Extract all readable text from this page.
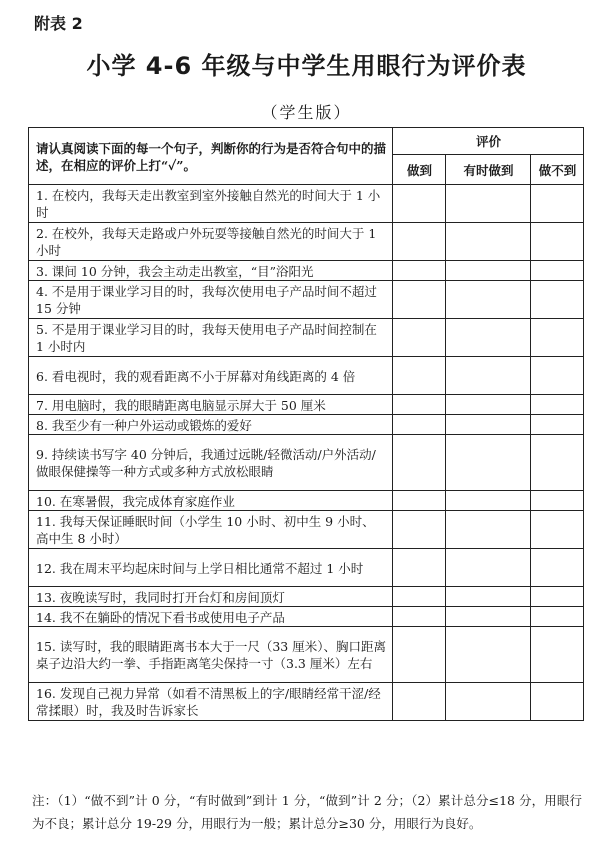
附表 2
小学 4-6 年级与中学生用眼行为评价表
（学生版）
请认真阅读下面的每一个句子，判断你的行为是否符合句中的描述，在相应的评价上打“✓”。	评价		
	做到	有时做到	做不到
1. 在校内，我每天走出教室到室外接触自然光的时间大于 1 小时			
2. 在校外，我每天走路或户外玩耍等接触自然光的时间大于 1 小时			
3. 课间 10 分钟，我会主动走出教室，“目”浴阳光			
4. 不是用于课业学习目的时，我每次使用电子产品时间不超过 15 分钟			
5. 不是用于课业学习目的时，我每天使用电子产品时间控制在 1 小时内			
6. 看电视时，我的观看距离不小于屏幕对角线距离的 4 倍			
7. 用电脑时，我的眼睛距离电脑显示屏大于 50 厘米			
8. 我至少有一种户外运动或锻炼的爱好			
9. 持续读书写字 40 分钟后，我通过远眺/轻微活动/户外活动/做眼保健操等一种方式或多种方式放松眼睛			
10. 在寒暑假，我完成体育家庭作业			
11. 我每天保证睡眠时间（小学生 10 小时、初中生 9 小时、高中生 8 小时）			
12. 我在周末平均起床时间与上学日相比通常不超过 1 小时			
13. 夜晚读写时，我同时打开台灯和房间顶灯			
14. 我不在躺卧的情况下看书或使用电子产品			
15. 读写时，我的眼睛距离书本大于一尺（33 厘米）、胸口距离桌子边沿大约一拳、手指距离笔尖保持一寸（3.3 厘米）左右			
16. 发现自己视力异常（如看不清黑板上的字/眼睛经常干涩/经常揉眼）时，我及时告诉家长			
注：（1）“做不到”计 0 分，“有时做到”到计 1 分，“做到”计 2 分；（2）累计总分≤18 分，用眼行为不良；累计总分 19-29 分，用眼行为一般；累计总分≥30 分，用眼行为良好。
